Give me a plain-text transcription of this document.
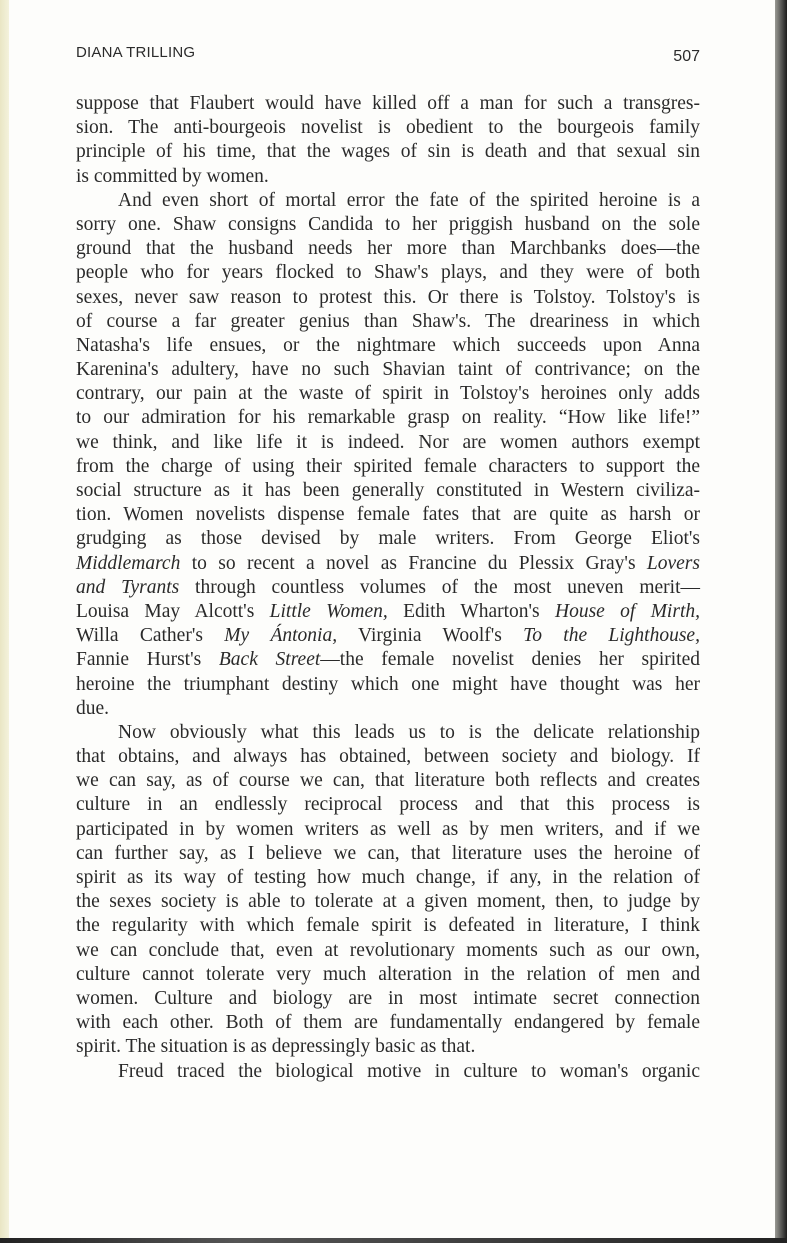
DIANA TRILLING	507
suppose that Flaubert would have killed off a man for such a transgres-
sion. The anti-bourgeois novelist is obedient to the bourgeois family
principle of his time, that the wages of sin is death and that sexual sin
is committed by women.
And even short of mortal error the fate of the spirited heroine is a
sorry one. Shaw consigns Candida to her priggish husband on the sole
ground that the husband needs her more than Marchbanks does—the
people who for years flocked to Shaw's plays, and they were of both
sexes, never saw reason to protest this. Or there is Tolstoy. Tolstoy's is
of course a far greater genius than Shaw's. The dreariness in which
Natasha's life ensues, or the nightmare which succeeds upon Anna
Karenina's adultery, have no such Shavian taint of contrivance; on the
contrary, our pain at the waste of spirit in Tolstoy's heroines only adds
to our admiration for his remarkable grasp on reality. “How like life!”
we think, and like life it is indeed. Nor are women authors exempt
from the charge of using their spirited female characters to support the
social structure as it has been generally constituted in Western civiliza-
tion. Women novelists dispense female fates that are quite as harsh or
grudging as those devised by male writers. From George Eliot's
Middlemarch to so recent a novel as Francine du Plessix Gray's Lovers
and Tyrants through countless volumes of the most uneven merit—
Louisa May Alcott's Little Women, Edith Wharton's House of Mirth,
Willa Cather's My Ántonia, Virginia Woolf's To the Lighthouse,
Fannie Hurst's Back Street—the female novelist denies her spirited
heroine the triumphant destiny which one might have thought was her
due.
Now obviously what this leads us to is the delicate relationship
that obtains, and always has obtained, between society and biology. If
we can say, as of course we can, that literature both reflects and creates
culture in an endlessly reciprocal process and that this process is
participated in by women writers as well as by men writers, and if we
can further say, as I believe we can, that literature uses the heroine of
spirit as its way of testing how much change, if any, in the relation of
the sexes society is able to tolerate at a given moment, then, to judge by
the regularity with which female spirit is defeated in literature, I think
we can conclude that, even at revolutionary moments such as our own,
culture cannot tolerate very much alteration in the relation of men and
women. Culture and biology are in most intimate secret connection
with each other. Both of them are fundamentally endangered by female
spirit. The situation is as depressingly basic as that.
Freud traced the biological motive in culture to woman's organic
